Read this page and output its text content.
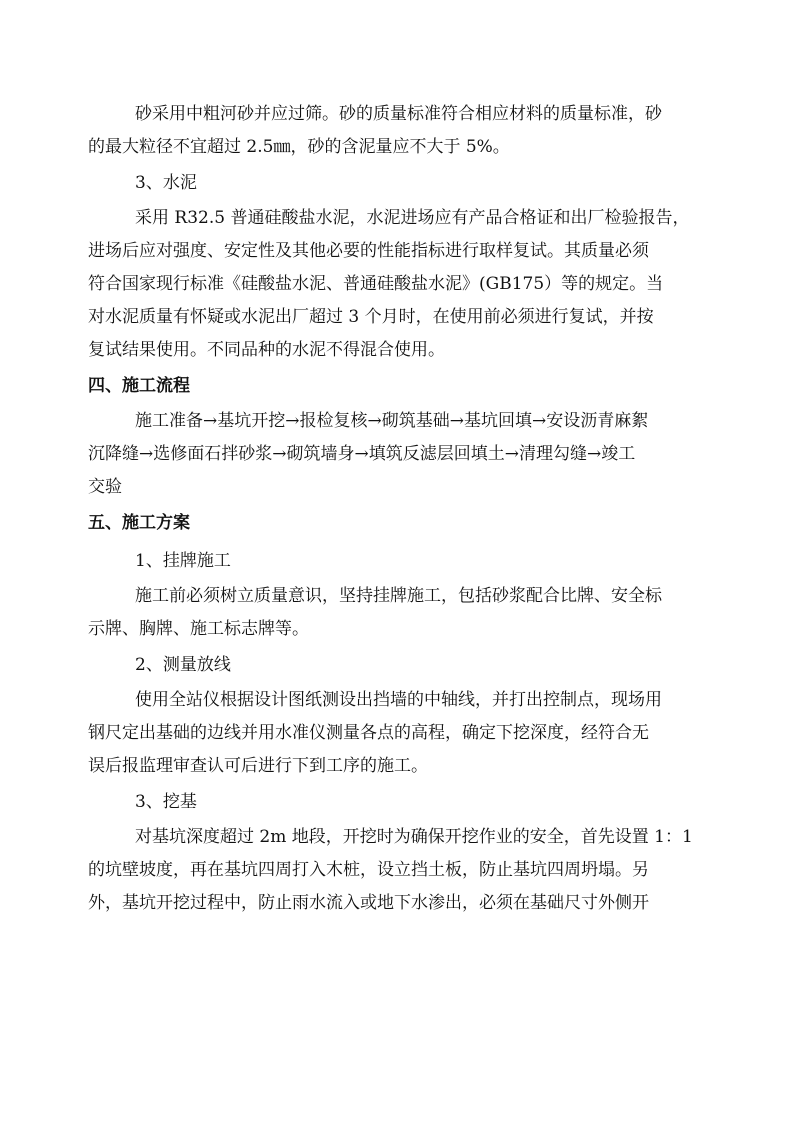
砂采用中粗河砂并应过筛。砂的质量标准符合相应材料的质量标准，砂
的最大粒径不宜超过 2.5㎜，砂的含泥量应不大于 5%。
3、水泥
采用 R32.5 普通硅酸盐水泥，水泥进场应有产品合格证和出厂检验报告，
进场后应对强度、安定性及其他必要的性能指标进行取样复试。其质量必须
符合国家现行标准《硅酸盐水泥、普通硅酸盐水泥》(GB175）等的规定。当
对水泥质量有怀疑或水泥出厂超过 3 个月时，在使用前必须进行复试，并按
复试结果使用。不同品种的水泥不得混合使用。
四、施工流程
施工准备→基坑开挖→报检复核→砌筑基础→基坑回填→安设沥青麻絮
沉降缝→选修面石拌砂浆→砌筑墙身→填筑反滤层回填土→清理勾缝→竣工
交验
五、施工方案
1、挂牌施工
施工前必须树立质量意识，坚持挂牌施工，包括砂浆配合比牌、安全标
示牌、胸牌、施工标志牌等。
2、测量放线
使用全站仪根据设计图纸测设出挡墙的中轴线，并打出控制点，现场用
钢尺定出基础的边线并用水准仪测量各点的高程，确定下挖深度，经符合无
误后报监理审查认可后进行下到工序的施工。
3、挖基
对基坑深度超过 2m 地段，开挖时为确保开挖作业的安全，首先设置 1：1
的坑壁坡度，再在基坑四周打入木桩，设立挡土板，防止基坑四周坍塌。另
外，基坑开挖过程中，防止雨水流入或地下水渗出，必须在基础尺寸外侧开
